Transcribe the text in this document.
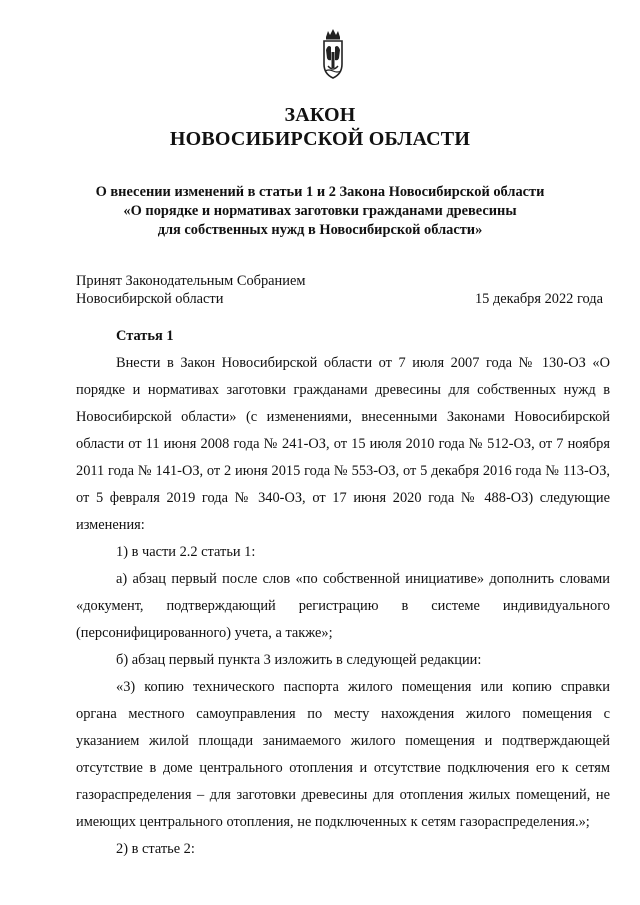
ЗАКОН
НОВОСИБИРСКОЙ ОБЛАСТИ
О внесении изменений в статьи 1 и 2 Закона Новосибирской области
«О порядке и нормативах заготовки гражданами древесины
для собственных нужд в Новосибирской области»
Принят Законодательным Собранием
Новосибирской области	15 декабря 2022 года
Статья 1

Внести в Закон Новосибирской области от 7 июля 2007 года № 130-ОЗ «О порядке и нормативах заготовки гражданами древесины для собственных нужд в Новосибирской области» (с изменениями, внесенными Законами Новосибирской области от 11 июня 2008 года № 241-ОЗ, от 15 июля 2010 года № 512-ОЗ, от 7 ноября 2011 года № 141-ОЗ, от 2 июня 2015 года № 553-ОЗ, от 5 декабря 2016 года № 113-ОЗ, от 5 февраля 2019 года № 340-ОЗ, от 17 июня 2020 года № 488-ОЗ) следующие изменения:

1) в части 2.2 статьи 1:

а) абзац первый после слов «по собственной инициативе» дополнить словами «документ, подтверждающий регистрацию в системе индивидуального (персонифицированного) учета, а также»;

б) абзац первый пункта 3 изложить в следующей редакции:

«3) копию технического паспорта жилого помещения или копию справки органа местного самоуправления по месту нахождения жилого помещения с указанием жилой площади занимаемого жилого помещения и подтверждающей отсутствие в доме центрального отопления и отсутствие подключения его к сетям газораспределения – для заготовки древесины для отопления жилых помещений, не имеющих центрального отопления, не подключенных к сетям газораспределения.»;

2) в статье 2:
